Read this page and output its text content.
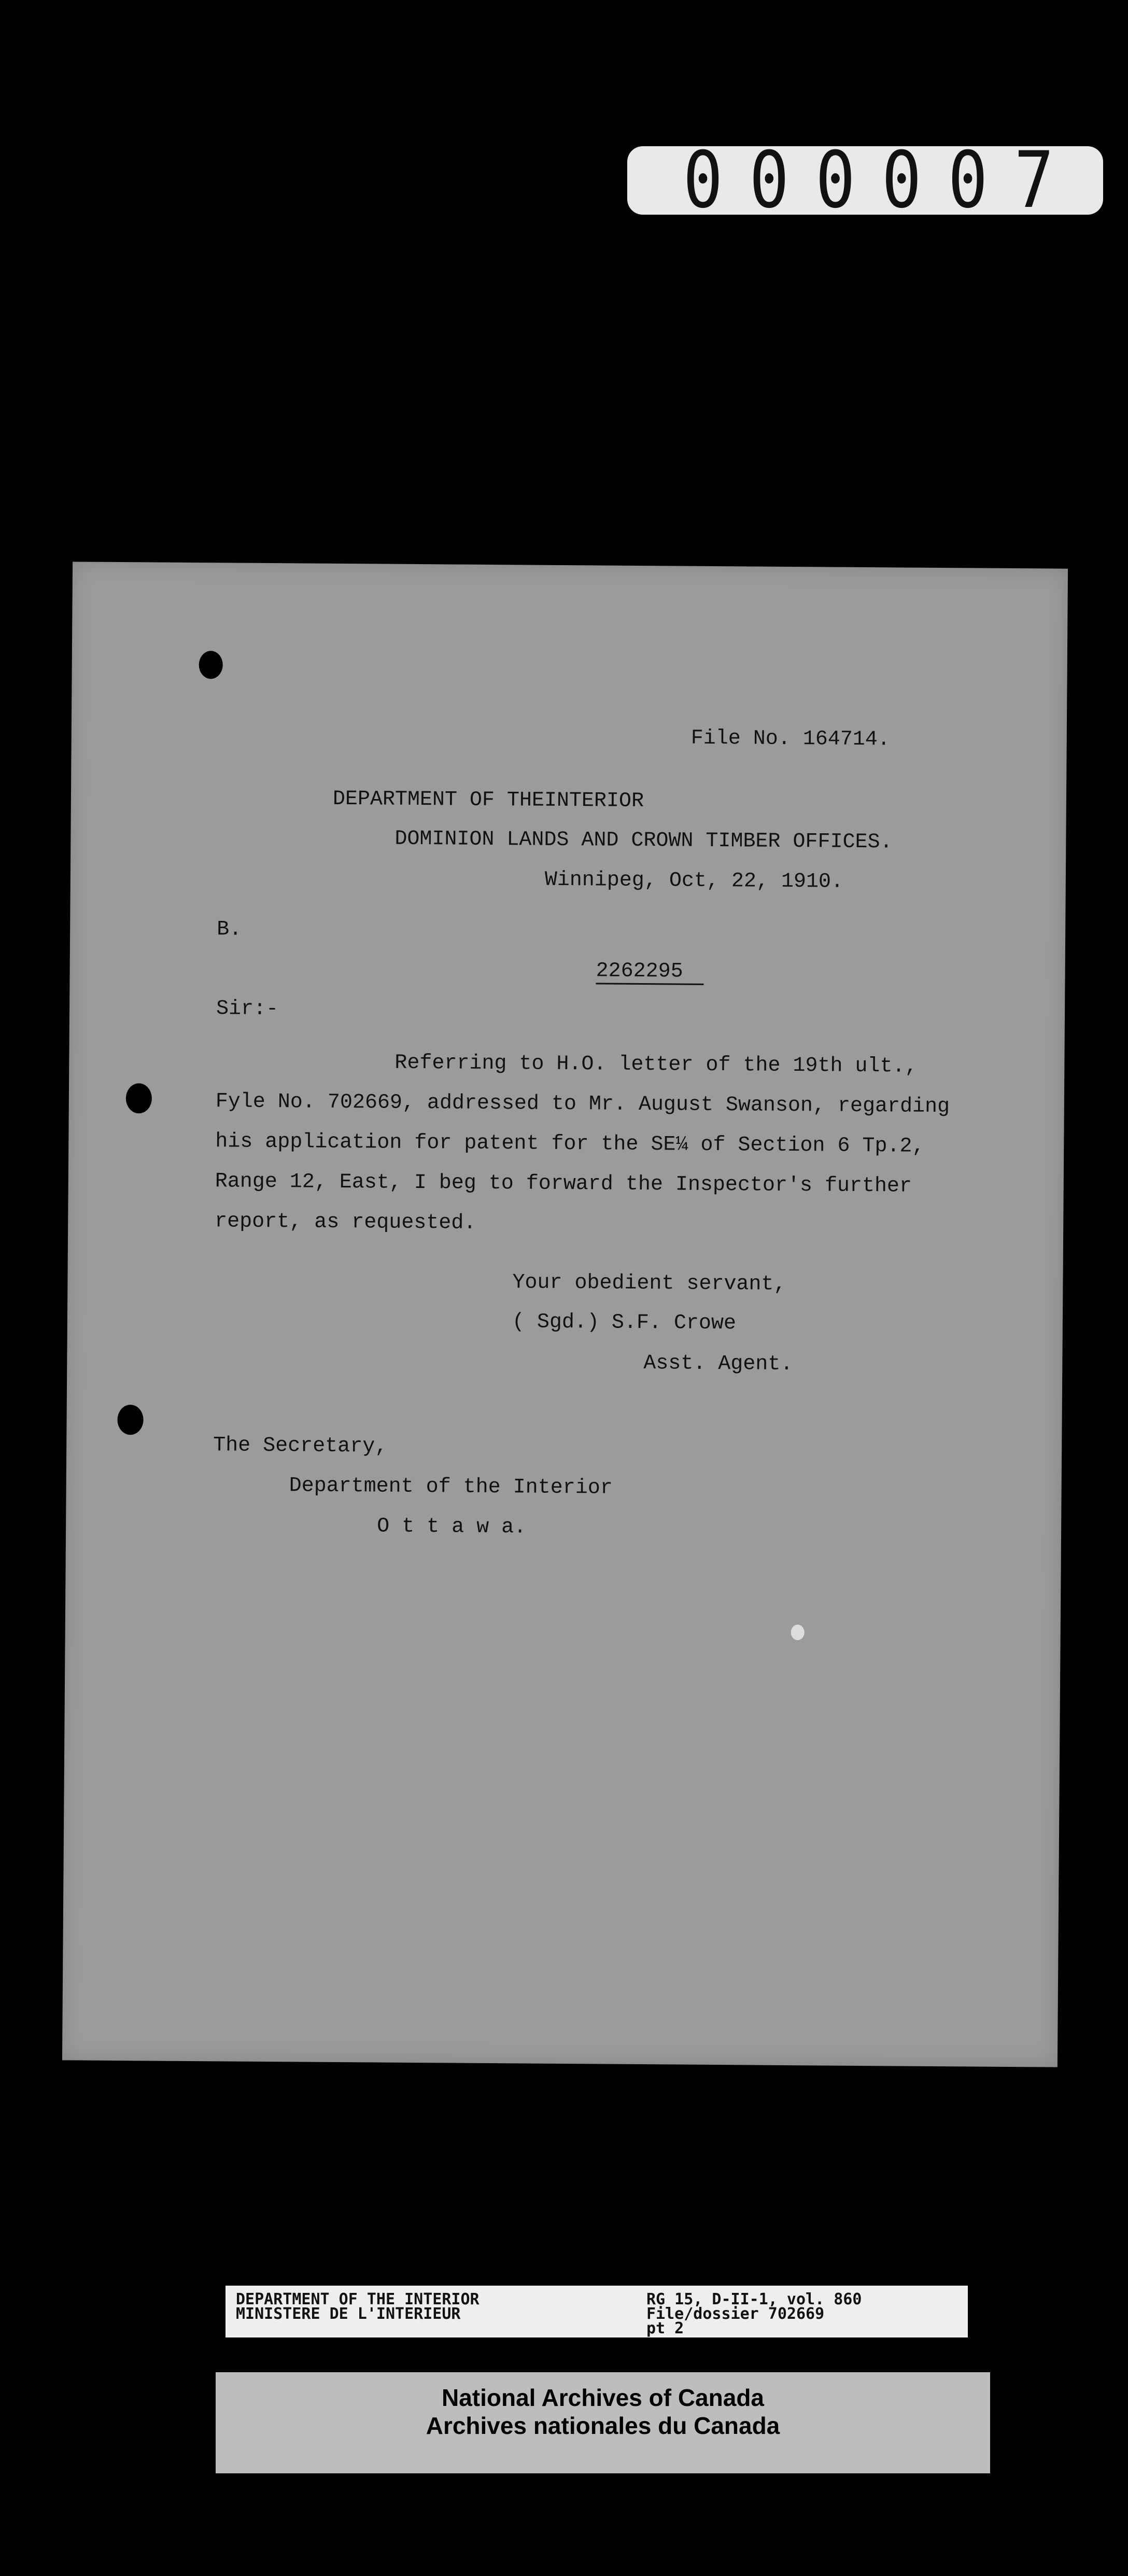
000007
File No. 164714.
DEPARTMENT OF THEINTERIOR
DOMINION LANDS AND CROWN TIMBER OFFICES.
Winnipeg, Oct, 22, 1910.
B.
2262295
Sir:-
Referring to H.O. letter of the 19th ult.,
Fyle No. 702669, addressed to Mr. August Swanson, regarding
his application for patent for the SE¼ of Section 6 Tp.2,
Range 12, East, I beg to forward the Inspector's further
report, as requested.
Your obedient servant,
( Sgd.) S.F. Crowe
Asst. Agent.
The Secretary,
Department of the Interior
O t t a w a.
DEPARTMENT OF THE INTERIOR
MINISTERE DE L'INTERIEUR
RG 15, D-II-1, vol. 860
File/dossier 702669
pt 2
National Archives of Canada
Archives nationales du Canada
